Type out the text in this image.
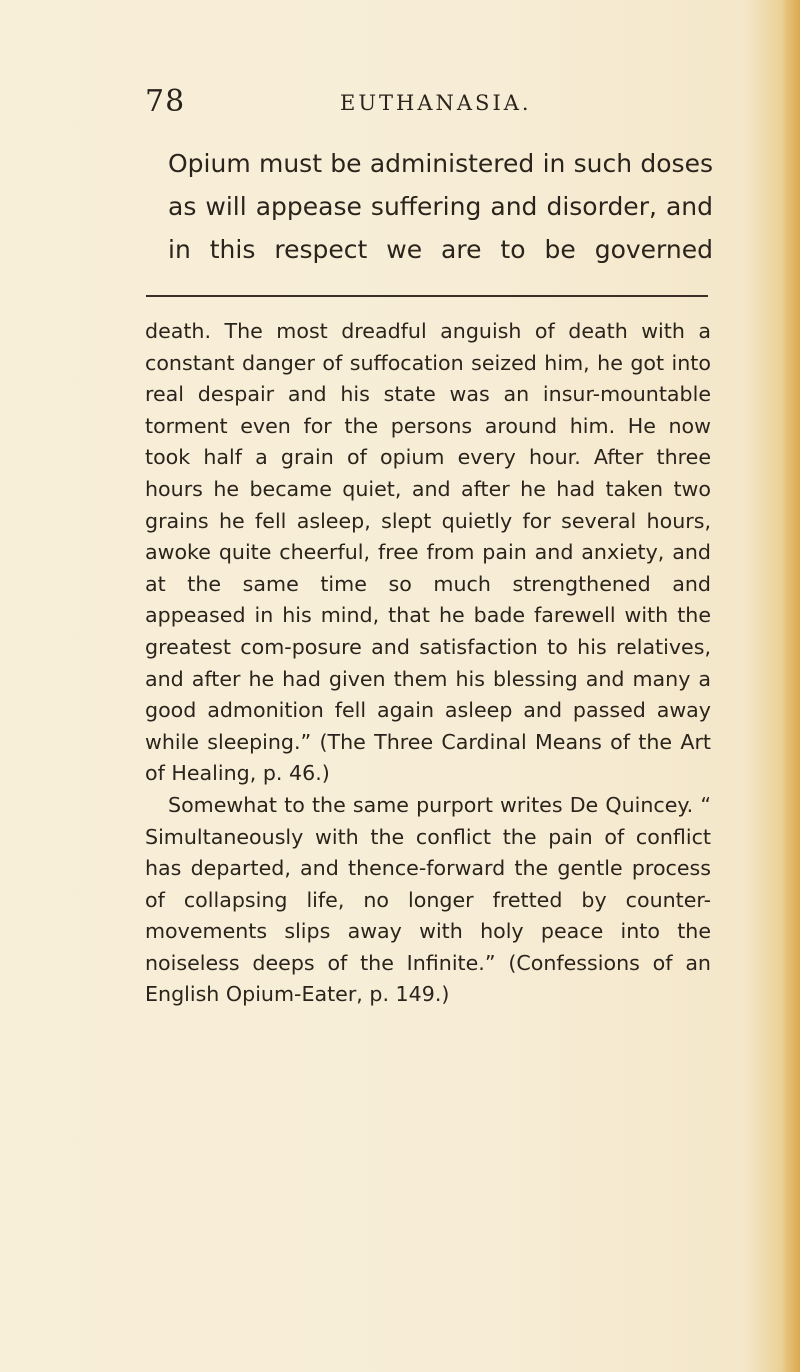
78	EUTHANASIA.

Opium must be administered in such doses as will appease suffering and disorder, and in this respect we are to be governed

death. The most dreadful anguish of death with a constant danger of suffocation seized him, he got into real despair and his state was an insur-mountable torment even for the persons around him. He now took half a grain of opium every hour. After three hours he became quiet, and after he had taken two grains he fell asleep, slept quietly for several hours, awoke quite cheerful, free from pain and anxiety, and at the same time so much strengthened and appeased in his mind, that he bade farewell with the greatest com-posure and satisfaction to his relatives, and after he had given them his blessing and many a good admonition fell again asleep and passed away while sleeping.” (The Three Cardinal Means of the Art of Healing, p. 46.)

Somewhat to the same purport writes De Quincey. “ Simultaneously with the conflict the pain of conflict has departed, and thence-forward the gentle process of collapsing life, no longer fretted by counter-movements slips away with holy peace into the noiseless deeps of the Infinite.” (Confessions of an English Opium-Eater, p. 149.)
